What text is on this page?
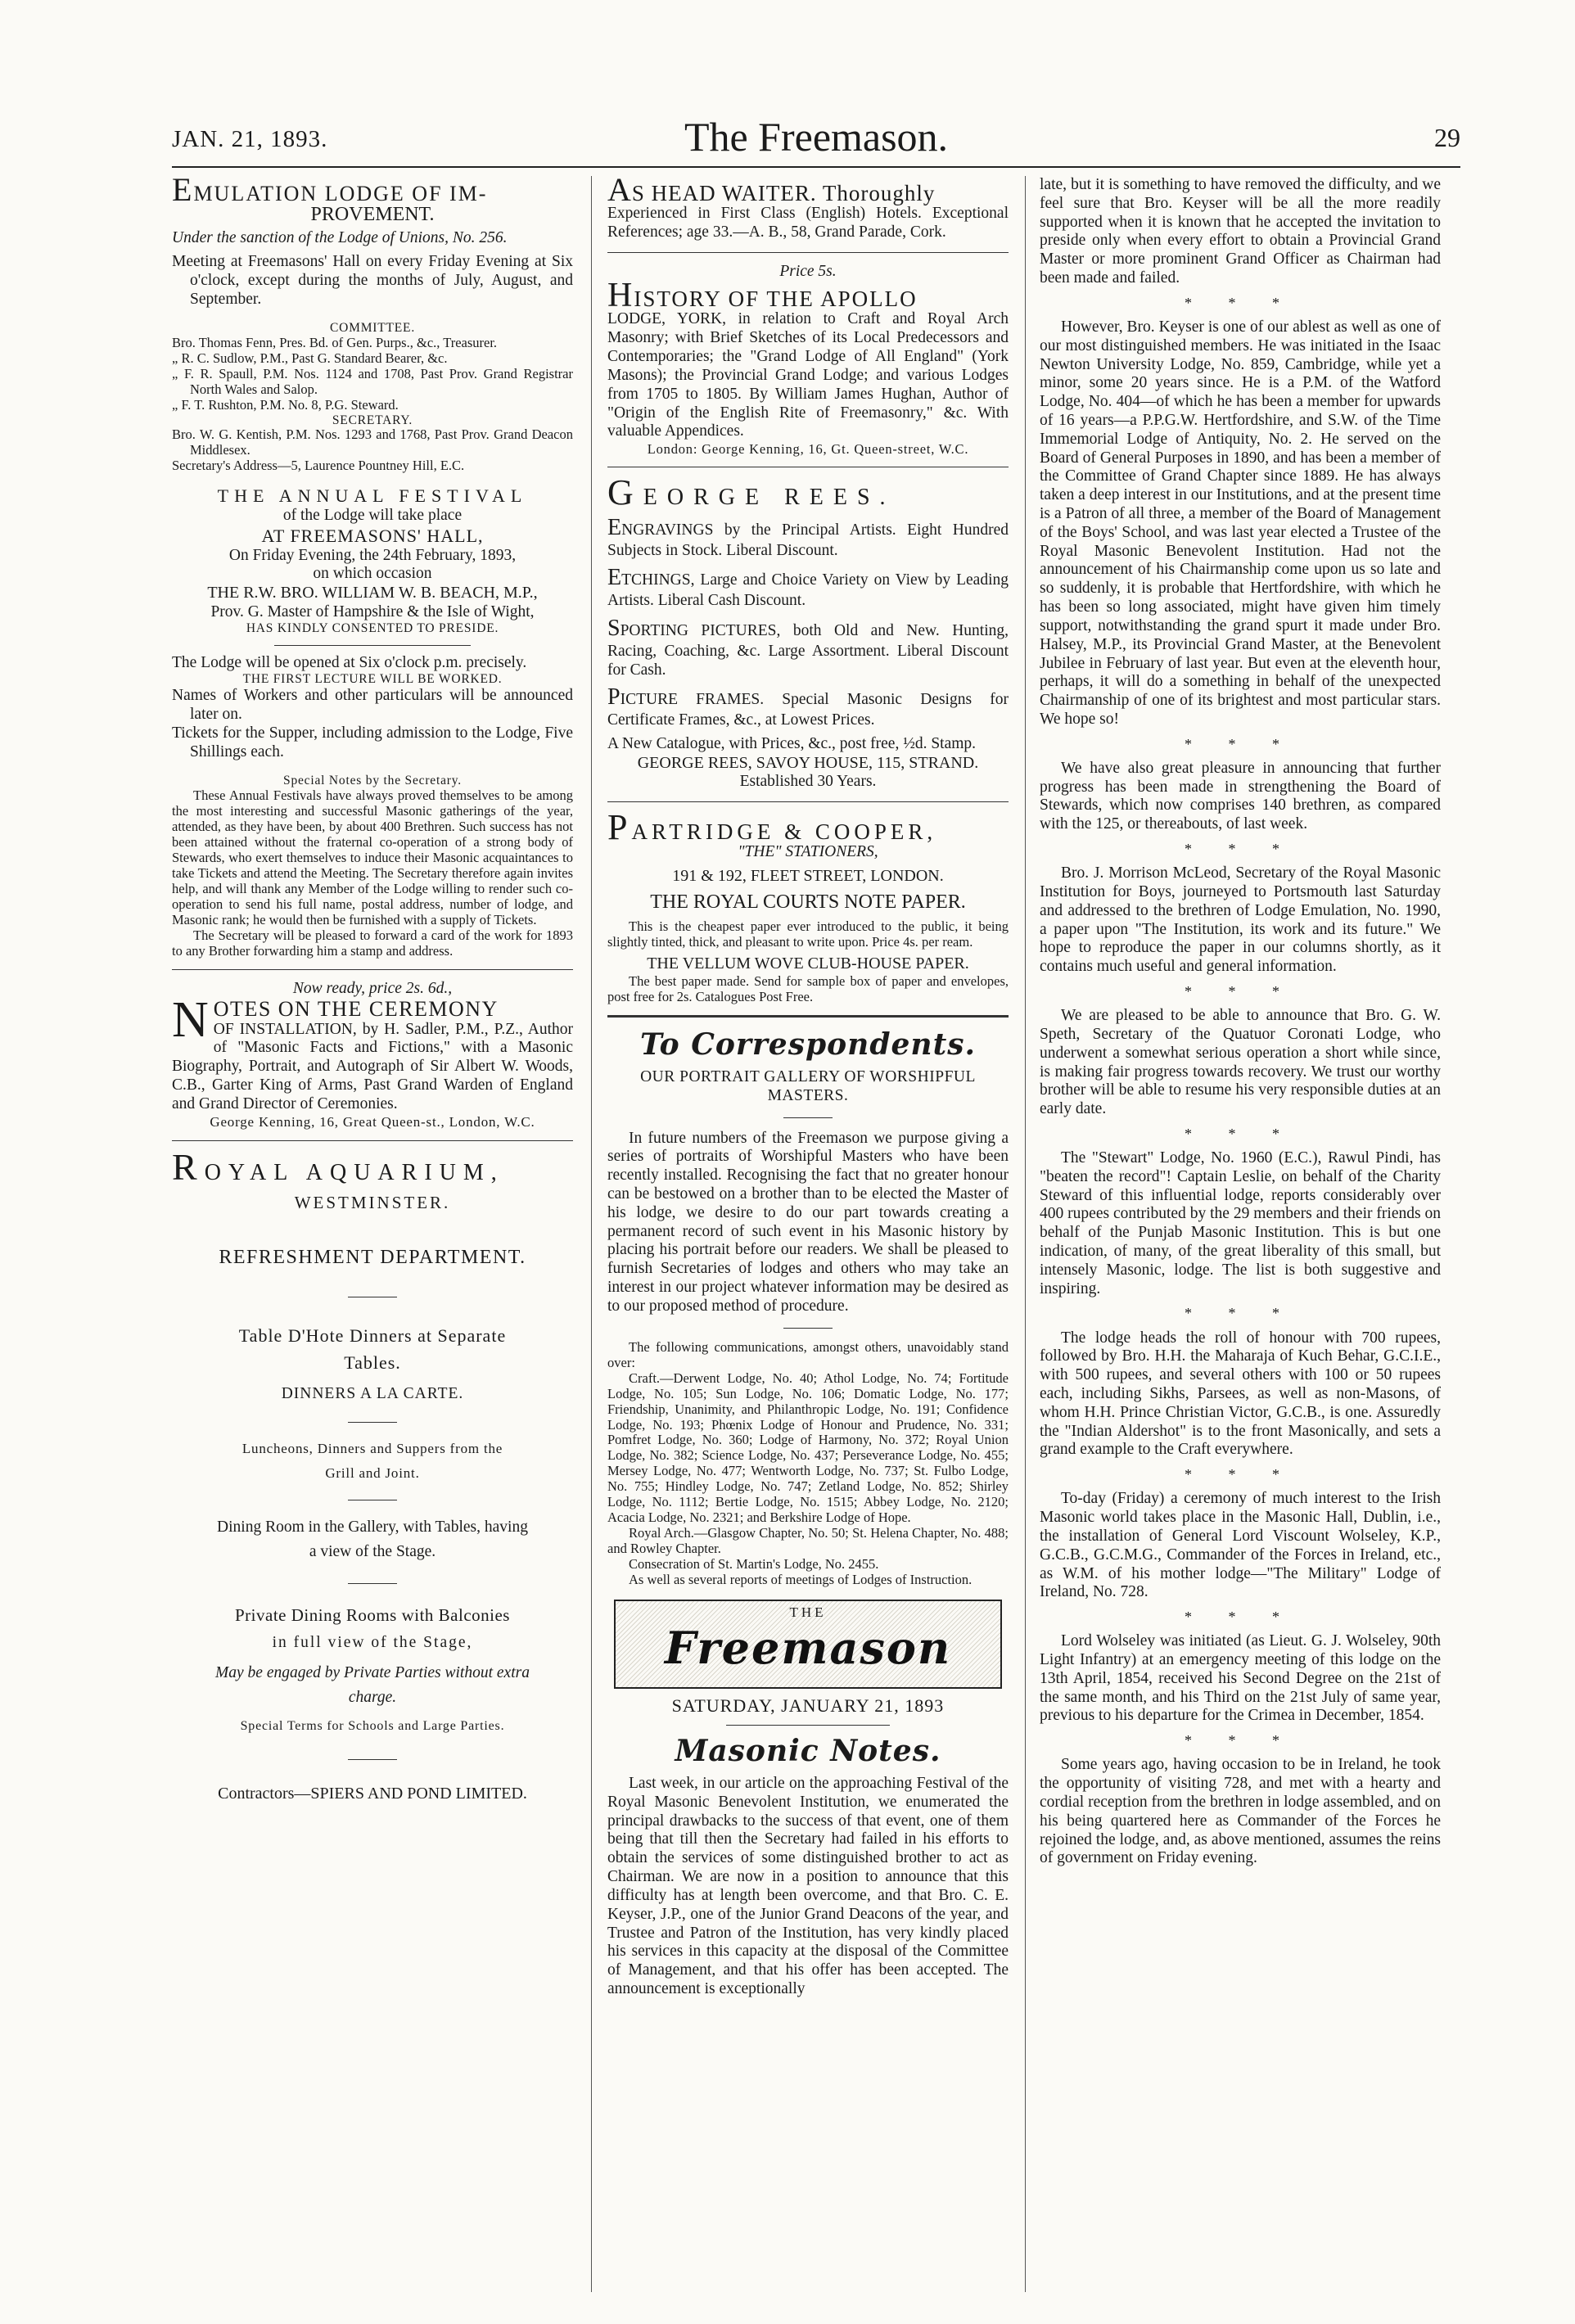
JAN. 21, 1893.	The Freemason.	29

EMULATION LODGE OF IM-

PROVEMENT.

Under the sanction of the Lodge of Unions, No. 256.

Meeting at Freemasons' Hall on every Friday Evening at Six o'clock, except during the months of July, August, and September.

COMMITTEE.

Bro. Thomas Fenn, Pres. Bd. of Gen. Purps., &c., Treasurer.

„ R. C. Sudlow, P.M., Past G. Standard Bearer, &c.

„ F. R. Spaull, P.M. Nos. 1124 and 1708, Past Prov. Grand Registrar North Wales and Salop.

„ F. T. Rushton, P.M. No. 8, P.G. Steward.

SECRETARY.

Bro. W. G. Kentish, P.M. Nos. 1293 and 1768, Past Prov. Grand Deacon Middlesex.

Secretary's Address—5, Laurence Pountney Hill, E.C.

THE ANNUAL FESTIVAL

of the Lodge will take place

AT FREEMASONS' HALL,

On Friday Evening, the 24th February, 1893,

on which occasion

THE R.W. BRO. WILLIAM W. B. BEACH, M.P.,

Prov. G. Master of Hampshire & the Isle of Wight,

HAS KINDLY CONSENTED TO PRESIDE.

The Lodge will be opened at Six o'clock p.m. precisely.

THE FIRST LECTURE WILL BE WORKED.

Names of Workers and other particulars will be announced later on.

Tickets for the Supper, including admission to the Lodge, Five Shillings each.

Special Notes by the Secretary.

These Annual Festivals have always proved themselves to be among the most interesting and successful Masonic gatherings of the year, attended, as they have been, by about 400 Brethren. Such success has not been attained without the fraternal co-operation of a strong body of Stewards, who exert themselves to induce their Masonic acquaintances to take Tickets and attend the Meeting. The Secretary therefore again invites help, and will thank any Member of the Lodge willing to render such co-operation to send his full name, postal address, number of lodge, and Masonic rank; he would then be furnished with a supply of Tickets.

The Secretary will be pleased to forward a card of the work for 1893 to any Brother forwarding him a stamp and address.

Now ready, price 2s. 6d.,

N OTES ON THE CEREMONY

OF INSTALLATION, by H. Sadler, P.M., P.Z., Author of "Masonic Facts and Fictions," with a Masonic Biography, Portrait, and Autograph of Sir Albert W. Woods, C.B., Garter King of Arms, Past Grand Warden of England and Grand Director of Ceremonies.

George Kenning, 16, Great Queen-st., London, W.C.

ROYAL AQUARIUM,

WESTMINSTER.

REFRESHMENT DEPARTMENT.

Table D'Hote Dinners at Separate

Tables.

DINNERS A LA CARTE.

Luncheons, Dinners and Suppers from the

Grill and Joint.

Dining Room in the Gallery, with Tables, having

a view of the Stage.

Private Dining Rooms with Balconies

in full view of the Stage,

May be engaged by Private Parties without extra

charge.

Special Terms for Schools and Large Parties.

Contractors—SPIERS AND POND LIMITED.

AS HEAD WAITER. Thoroughly

Experienced in First Class (English) Hotels. Exceptional References; age 33.—A. B., 58, Grand Parade, Cork.

Price 5s.

HISTORY OF THE APOLLO

LODGE, YORK, in relation to Craft and Royal Arch Masonry; with Brief Sketches of its Local Predecessors and Contemporaries; the "Grand Lodge of All England" (York Masons); the Provincial Grand Lodge; and various Lodges from 1705 to 1805. By William James Hughan, Author of "Origin of the English Rite of Freemasonry," &c. With valuable Appendices.

London: George Kenning, 16, Gt. Queen-street, W.C.

GEORGE REES.

ENGRAVINGS by the Principal Artists. Eight Hundred Subjects in Stock. Liberal Discount.

ETCHINGS, Large and Choice Variety on View by Leading Artists. Liberal Cash Discount.

SPORTING PICTURES, both Old and New. Hunting, Racing, Coaching, &c. Large Assortment. Liberal Discount for Cash.

PICTURE FRAMES. Special Masonic Designs for Certificate Frames, &c., at Lowest Prices.

A New Catalogue, with Prices, &c., post free, ½d. Stamp.

GEORGE REES, SAVOY HOUSE, 115, STRAND.

Established 30 Years.

PARTRIDGE & COOPER,

"THE" STATIONERS,

191 & 192, FLEET STREET, LONDON.

THE ROYAL COURTS NOTE PAPER.

This is the cheapest paper ever introduced to the public, it being slightly tinted, thick, and pleasant to write upon. Price 4s. per ream.

THE VELLUM WOVE CLUB-HOUSE PAPER.

The best paper made. Send for sample box of paper and envelopes, post free for 2s. Catalogues Post Free.

To Correspondents.

OUR PORTRAIT GALLERY OF WORSHIPFUL MASTERS.

In future numbers of the Freemason we purpose giving a series of portraits of Worshipful Masters who have been recently installed. Recognising the fact that no greater honour can be bestowed on a brother than to be elected the Master of his lodge, we desire to do our part towards creating a permanent record of such event in his Masonic history by placing his portrait before our readers. We shall be pleased to furnish Secretaries of lodges and others who may take an interest in our project whatever information may be desired as to our proposed method of procedure.

The following communications, amongst others, unavoidably stand over:

Craft.—Derwent Lodge, No. 40; Athol Lodge, No. 74; Fortitude Lodge, No. 105; Sun Lodge, No. 106; Domatic Lodge, No. 177; Friendship, Unanimity, and Philanthropic Lodge, No. 191; Confidence Lodge, No. 193; Phœnix Lodge of Honour and Prudence, No. 331; Pomfret Lodge, No. 360; Lodge of Harmony, No. 372; Royal Union Lodge, No. 382; Science Lodge, No. 437; Perseverance Lodge, No. 455; Mersey Lodge, No. 477; Wentworth Lodge, No. 737; St. Fulbo Lodge, No. 755; Hindley Lodge, No. 747; Zetland Lodge, No. 852; Shirley Lodge, No. 1112; Bertie Lodge, No. 1515; Abbey Lodge, No. 2120; Acacia Lodge, No. 2321; and Berkshire Lodge of Hope.

Royal Arch.—Glasgow Chapter, No. 50; St. Helena Chapter, No. 488; and Rowley Chapter.

Consecration of St. Martin's Lodge, No. 2455.

As well as several reports of meetings of Lodges of Instruction.

THE
Freemason

SATURDAY, JANUARY 21, 1893

Masonic Notes.

Last week, in our article on the approaching Festival of the Royal Masonic Benevolent Institution, we enumerated the principal drawbacks to the success of that event, one of them being that till then the Secretary had failed in his efforts to obtain the services of some distinguished brother to act as Chairman. We are now in a position to announce that this difficulty has at length been overcome, and that Bro. C. E. Keyser, J.P., one of the Junior Grand Deacons of the year, and Trustee and Patron of the Institution, has very kindly placed his services in this capacity at the disposal of the Committee of Management, and that his offer has been accepted. The announcement is exceptionally

late, but it is something to have removed the difficulty, and we feel sure that Bro. Keyser will be all the more readily supported when it is known that he accepted the invitation to preside only when every effort to obtain a Provincial Grand Master or more prominent Grand Officer as Chairman had been made and failed.

* * *

However, Bro. Keyser is one of our ablest as well as one of our most distinguished members. He was initiated in the Isaac Newton University Lodge, No. 859, Cambridge, while yet a minor, some 20 years since. He is a P.M. of the Watford Lodge, No. 404—of which he has been a member for upwards of 16 years—a P.P.G.W. Hertfordshire, and S.W. of the Time Immemorial Lodge of Antiquity, No. 2. He served on the Board of General Purposes in 1890, and has been a member of the Committee of Grand Chapter since 1889. He has always taken a deep interest in our Institutions, and at the present time is a Patron of all three, a member of the Board of Management of the Boys' School, and was last year elected a Trustee of the Royal Masonic Benevolent Institution. Had not the announcement of his Chairmanship come upon us so late and so suddenly, it is probable that Hertfordshire, with which he has been so long associated, might have given him timely support, notwithstanding the grand spurt it made under Bro. Halsey, M.P., its Provincial Grand Master, at the Benevolent Jubilee in February of last year. But even at the eleventh hour, perhaps, it will do a something in behalf of the unexpected Chairmanship of one of its brightest and most particular stars. We hope so!

* * *

We have also great pleasure in announcing that further progress has been made in strengthening the Board of Stewards, which now comprises 140 brethren, as compared with the 125, or thereabouts, of last week.

* * *

Bro. J. Morrison McLeod, Secretary of the Royal Masonic Institution for Boys, journeyed to Portsmouth last Saturday and addressed to the brethren of Lodge Emulation, No. 1990, a paper upon "The Institution, its work and its future." We hope to reproduce the paper in our columns shortly, as it contains much useful and general information.

* * *

We are pleased to be able to announce that Bro. G. W. Speth, Secretary of the Quatuor Coronati Lodge, who underwent a somewhat serious operation a short while since, is making fair progress towards recovery. We trust our worthy brother will be able to resume his very responsible duties at an early date.

* * *

The "Stewart" Lodge, No. 1960 (E.C.), Rawul Pindi, has "beaten the record"! Captain Leslie, on behalf of the Charity Steward of this influential lodge, reports considerably over 400 rupees contributed by the 29 members and their friends on behalf of the Punjab Masonic Institution. This is but one indication, of many, of the great liberality of this small, but intensely Masonic, lodge. The list is both suggestive and inspiring.

* * *

The lodge heads the roll of honour with 700 rupees, followed by Bro. H.H. the Maharaja of Kuch Behar, G.C.I.E., with 500 rupees, and several others with 100 or 50 rupees each, including Sikhs, Parsees, as well as non-Masons, of whom H.H. Prince Christian Victor, G.C.B., is one. Assuredly the "Indian Aldershot" is to the front Masonically, and sets a grand example to the Craft everywhere.

* * *

To-day (Friday) a ceremony of much interest to the Irish Masonic world takes place in the Masonic Hall, Dublin, i.e., the installation of General Lord Viscount Wolseley, K.P., G.C.B., G.C.M.G., Commander of the Forces in Ireland, etc., as W.M. of his mother lodge—"The Military" Lodge of Ireland, No. 728.

* * *

Lord Wolseley was initiated (as Lieut. G. J. Wolseley, 90th Light Infantry) at an emergency meeting of this lodge on the 13th April, 1854, received his Second Degree on the 21st of the same month, and his Third on the 21st July of same year, previous to his departure for the Crimea in December, 1854.

* * *

Some years ago, having occasion to be in Ireland, he took the opportunity of visiting 728, and met with a hearty and cordial reception from the brethren in lodge assembled, and on his being quartered here as Commander of the Forces he rejoined the lodge, and, as above mentioned, assumes the reins of government on Friday evening.
